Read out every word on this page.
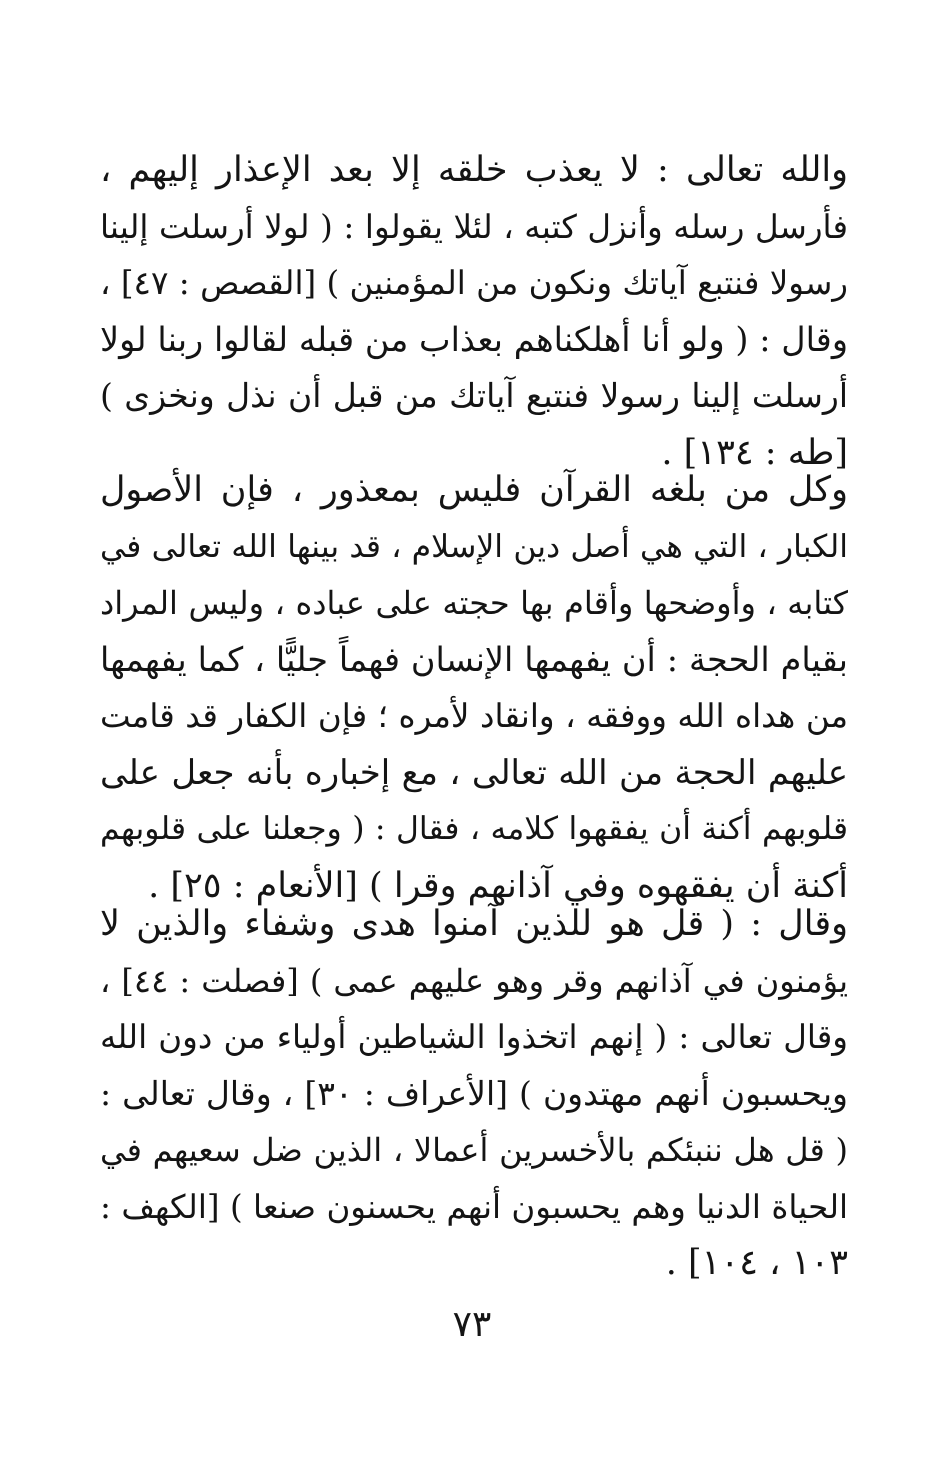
والله تعالى : لا يعذب خلقه إلا بعد الإعذار إليهم ،
فأرسل رسله وأنزل كتبه ، لئلا يقولوا : ( لولا أرسلت إلينا
رسولا فنتبع آياتك ونكون من المؤمنين ) [القصص : ٤٧] ،
وقال : ( ولو أنا أهلكناهم بعذاب من قبله لقالوا ربنا لولا
أرسلت إلينا رسولا فنتبع آياتك من قبل أن نذل ونخزى )
[طه : ١٣٤] .
وكل من بلغه القرآن فليس بمعذور ، فإن الأصول
الكبار ، التي هي أصل دين الإسلام ، قد بينها الله تعالى في
كتابه ، وأوضحها وأقام بها حجته على عباده ، وليس المراد
بقيام الحجة : أن يفهمها الإنسان فهماً جليًّا ، كما يفهمها
من هداه الله ووفقه ، وانقاد لأمره ؛ فإن الكفار قد قامت
عليهم الحجة من الله تعالى ، مع إخباره بأنه جعل على
قلوبهم أكنة أن يفقهوا كلامه ، فقال : ( وجعلنا على قلوبهم
أكنة أن يفقهوه وفي آذانهم وقرا ) [الأنعام : ٢٥] .
وقال : ( قل هو للذين آمنوا هدى وشفاء والذين لا
يؤمنون في آذانهم وقر وهو عليهم عمى ) [فصلت : ٤٤] ،
وقال تعالى : ( إنهم اتخذوا الشياطين أولياء من دون الله
ويحسبون أنهم مهتدون ) [الأعراف : ٣٠] ، وقال تعالى :
( قل هل ننبئكم بالأخسرين أعمالا ، الذين ضل سعيهم في
الحياة الدنيا وهم يحسبون أنهم يحسنون صنعا ) [الكهف :
١٠٣ ، ١٠٤] .
٧٣
